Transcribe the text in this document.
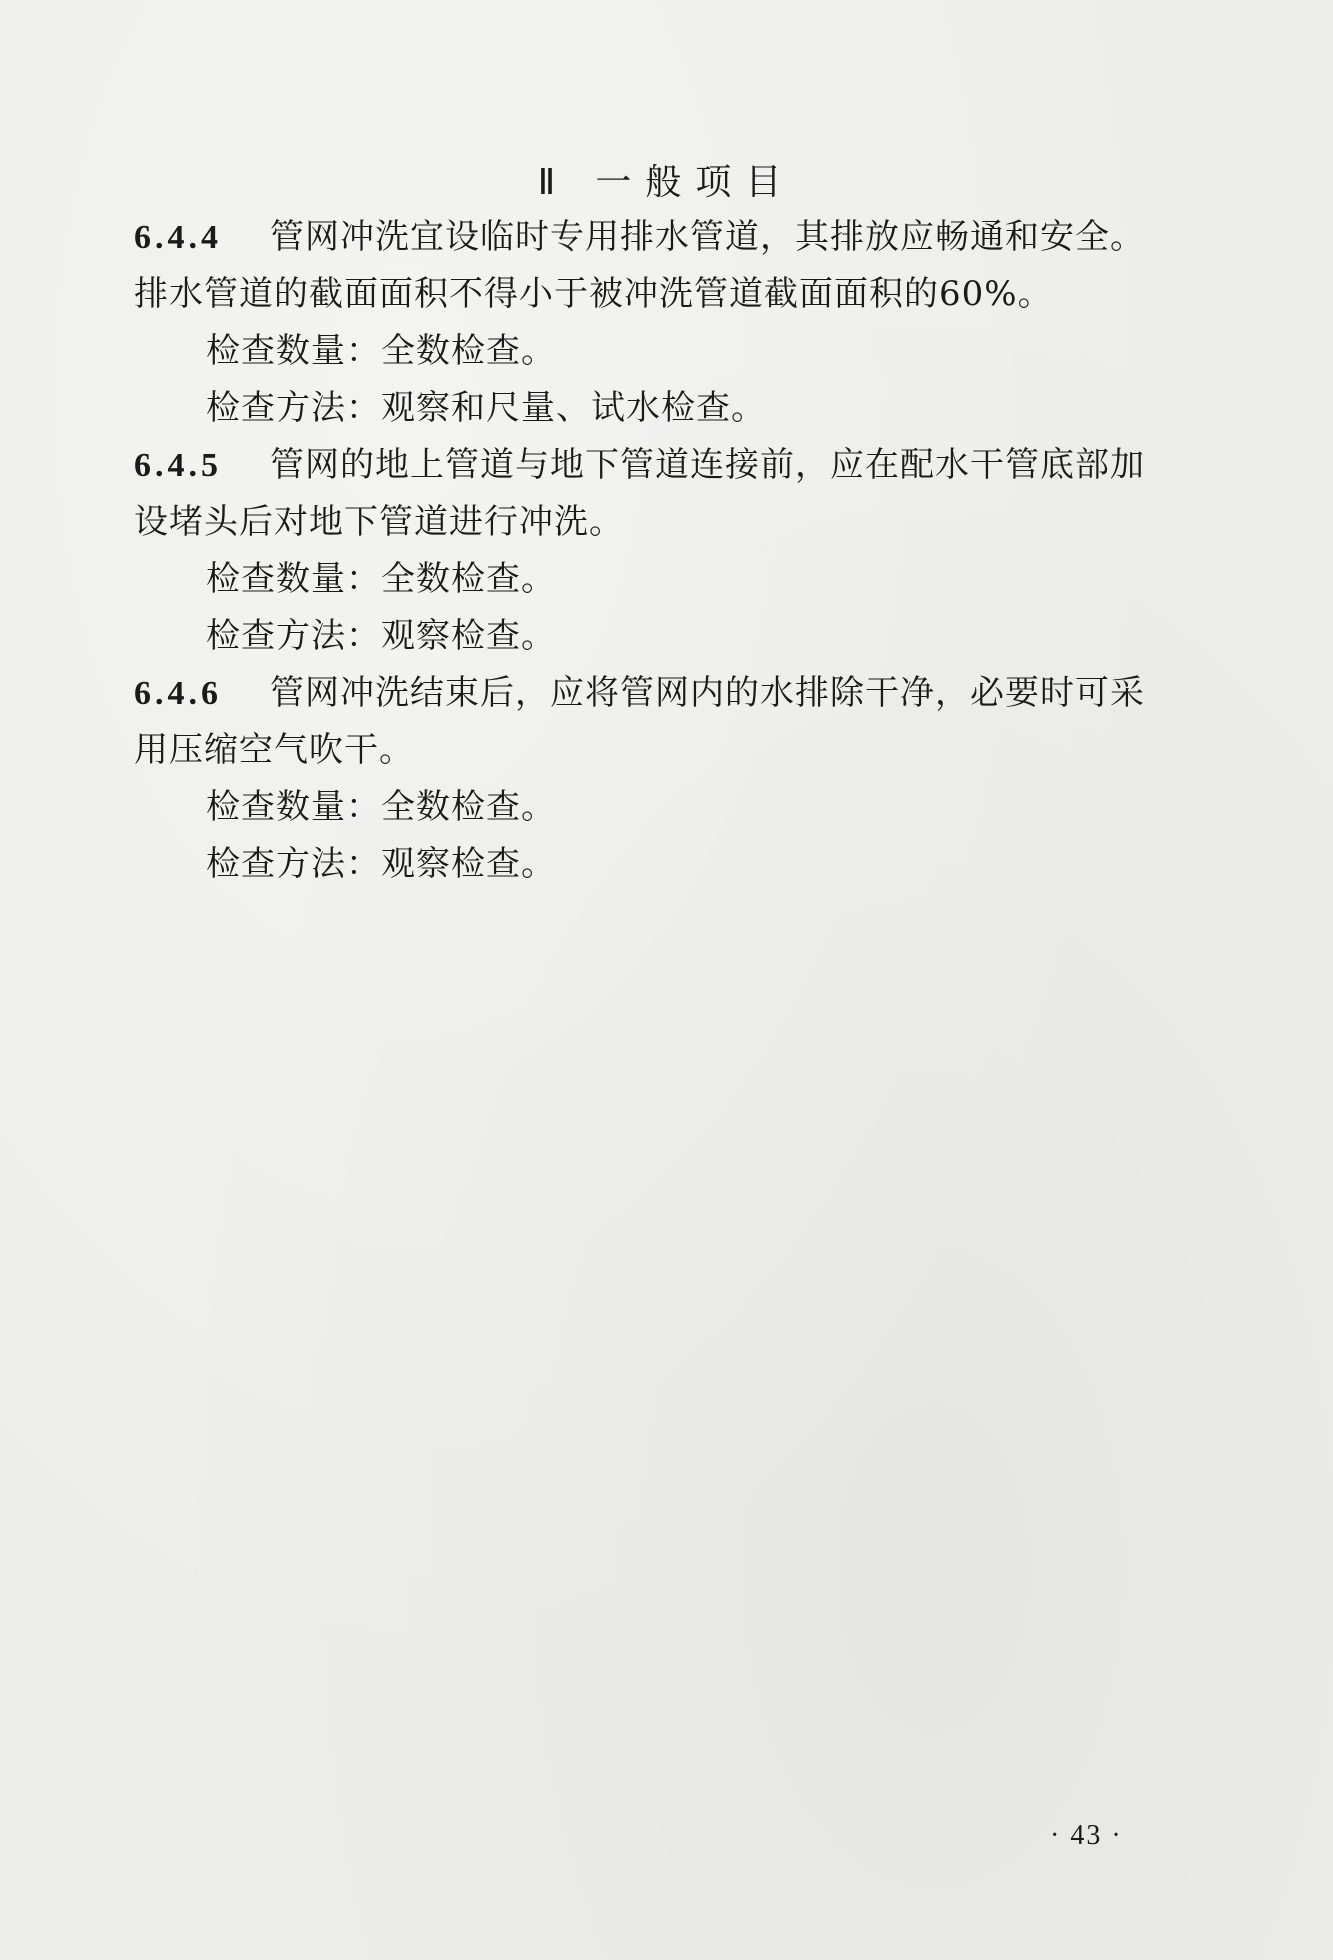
Ⅱ 一般项目
6.4.4 管网冲洗宜设临时专用排水管道，其排放应畅通和安全。
排水管道的截面面积不得小于被冲洗管道截面面积的60%。
检查数量：全数检查。
检查方法：观察和尺量、试水检查。
6.4.5 管网的地上管道与地下管道连接前，应在配水干管底部加
设堵头后对地下管道进行冲洗。
检查数量：全数检查。
检查方法：观察检查。
6.4.6 管网冲洗结束后，应将管网内的水排除干净，必要时可采
用压缩空气吹干。
检查数量：全数检查。
检查方法：观察检查。
· 43 ·
